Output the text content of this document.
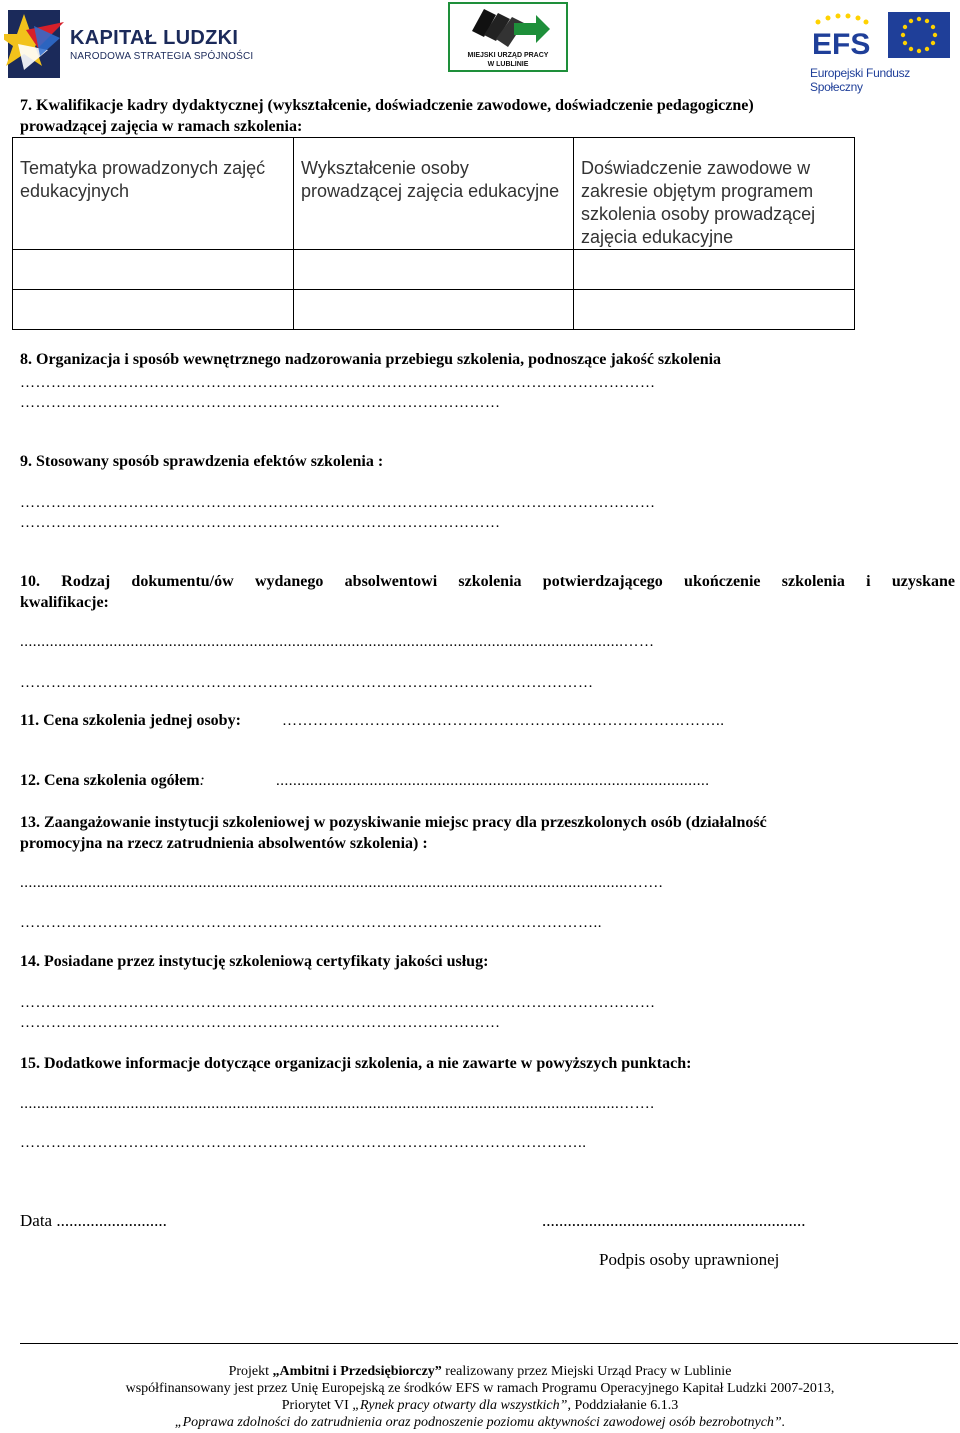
KAPITAŁ LUDZKI
NARODOWA STRATEGIA SPÓJNOŚCI	MIEJSKI URZĄD PRACY
W LUBLINIE
EFS
Europejski Fundusz Społeczny
7. Kwalifikacje kadry dydaktycznej (wykształcenie, doświadczenie zawodowe, doświadczenie pedagogiczne)
prowadzącej zajęcia w ramach szkolenia:
Tematyka prowadzonych zajęć edukacyjnych	Wykształcenie osoby prowadzącej zajęcia edukacyjne	Doświadczenie zawodowe w zakresie objętym programem szkolenia osoby prowadzącej zajęcia edukacyjne

8. Organizacja i sposób wewnętrznego nadzorowania przebiegu szkolenia, podnoszące jakość szkolenia
……………………………………………………………………………………………………………
…………………………………………………………………………………
9. Stosowany sposób sprawdzenia efektów szkolenia :
……………………………………………………………………………………………………………
…………………………………………………………………………………
10. Rodzaj dokumentu/ów wydanego absolwentowi szkolenia potwierdzającego ukończenie szkolenia i uzyskane
kwalifikacje:
..............................................................................................................................................……
…………………………………………………………………………………………………
11. Cena szkolenia jednej osoby:	…………………………………………………………………………..
12. Cena szkolenia ogółem:	......................................................................................................
13. Zaangażowanie instytucji szkoleniowej w pozyskiwanie miejsc pracy dla przeszkolonych osób (działalność
promocyjna na rzecz zatrudnienia absolwentów szkolenia) :
...............................................................................................................................................…….
…………………………………………………………………………………………………..
14. Posiadane przez instytucję szkoleniową certyfikaty jakości usług:
……………………………………………………………………………………………………………
…………………………………………………………………………………
15. Dodatkowe informacje dotyczące organizacji szkolenia, a nie zawarte w powyższych punktach:
.............................................................................................................................................…….
………………………………………………………………………………………………..
Data ..........................	..............................................................
Podpis osoby uprawnionej
Projekt „Ambitni i Przedsiębiorczy” realizowany przez Miejski Urząd Pracy w Lublinie
współfinansowany jest przez Unię Europejską ze środków EFS w ramach Programu Operacyjnego Kapitał Ludzki 2007-2013,
Priorytet VI „Rynek pracy otwarty dla wszystkich”, Poddziałanie 6.1.3
„Poprawa zdolności do zatrudnienia oraz podnoszenie poziomu aktywności zawodowej osób bezrobotnych”.
